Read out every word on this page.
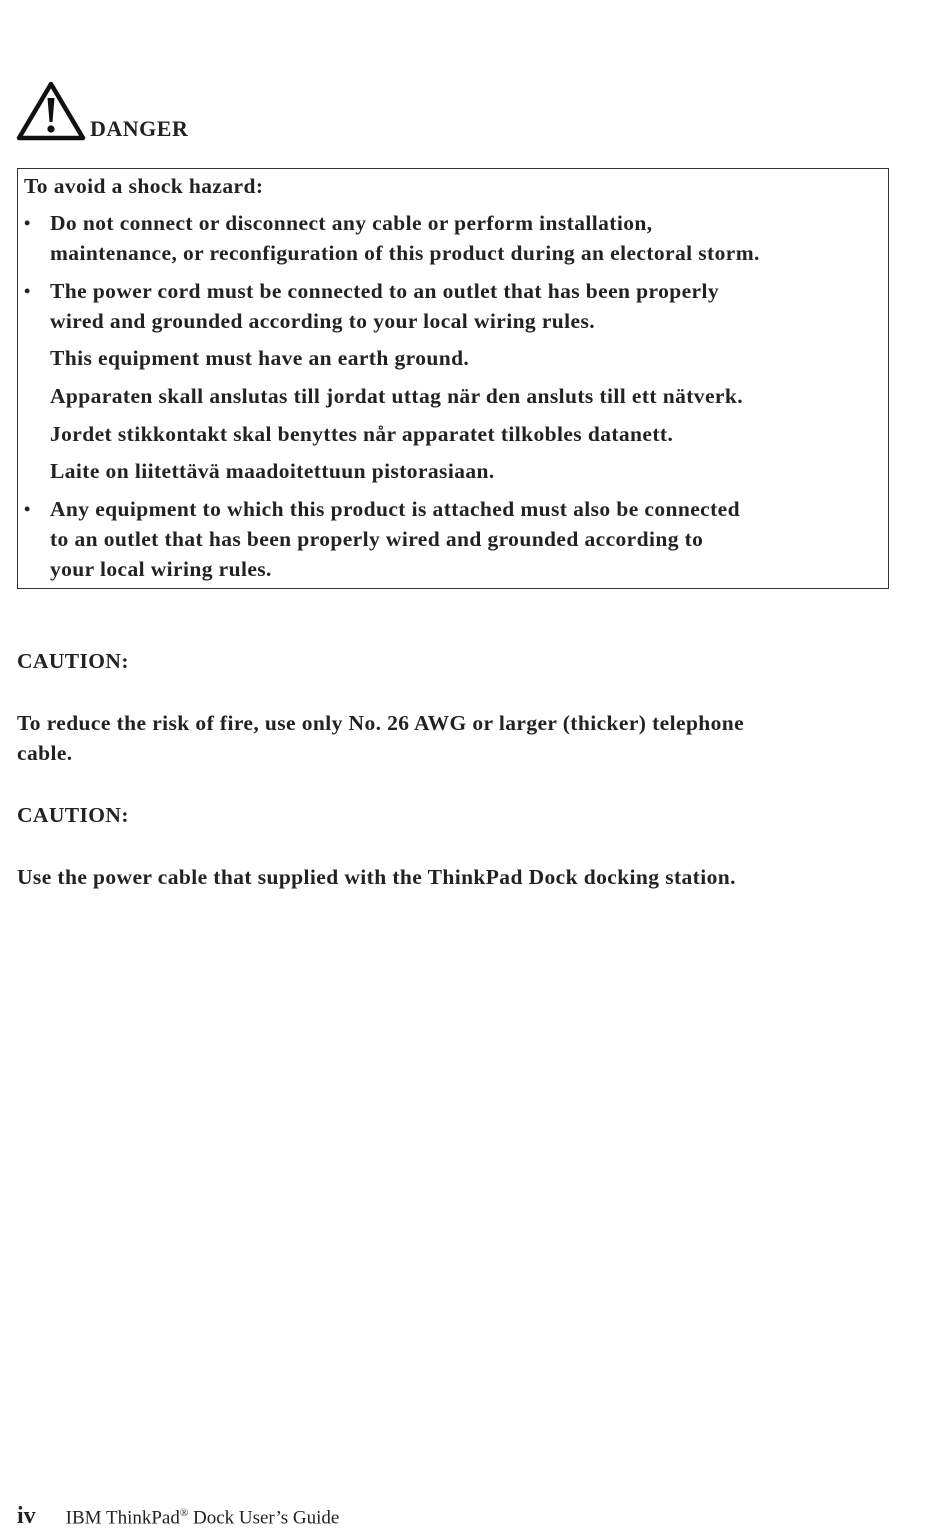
DANGER
To avoid a shock hazard:
• Do not connect or disconnect any cable or perform installation,
maintenance, or reconfiguration of this product during an electoral storm.
• The power cord must be connected to an outlet that has been properly
wired and grounded according to your local wiring rules.
This equipment must have an earth ground.
Apparaten skall anslutas till jordat uttag när den ansluts till ett nätverk.
Jordet stikkontakt skal benyttes når apparatet tilkobles datanett.
Laite on liitettävä maadoitettuun pistorasiaan.
• Any equipment to which this product is attached must also be connected
to an outlet that has been properly wired and grounded according to
your local wiring rules.
CAUTION:
To reduce the risk of fire, use only No. 26 AWG or larger (thicker) telephone
cable.
CAUTION:
Use the power cable that supplied with the ThinkPad Dock docking station.
iv IBM ThinkPad® Dock User’s Guide
